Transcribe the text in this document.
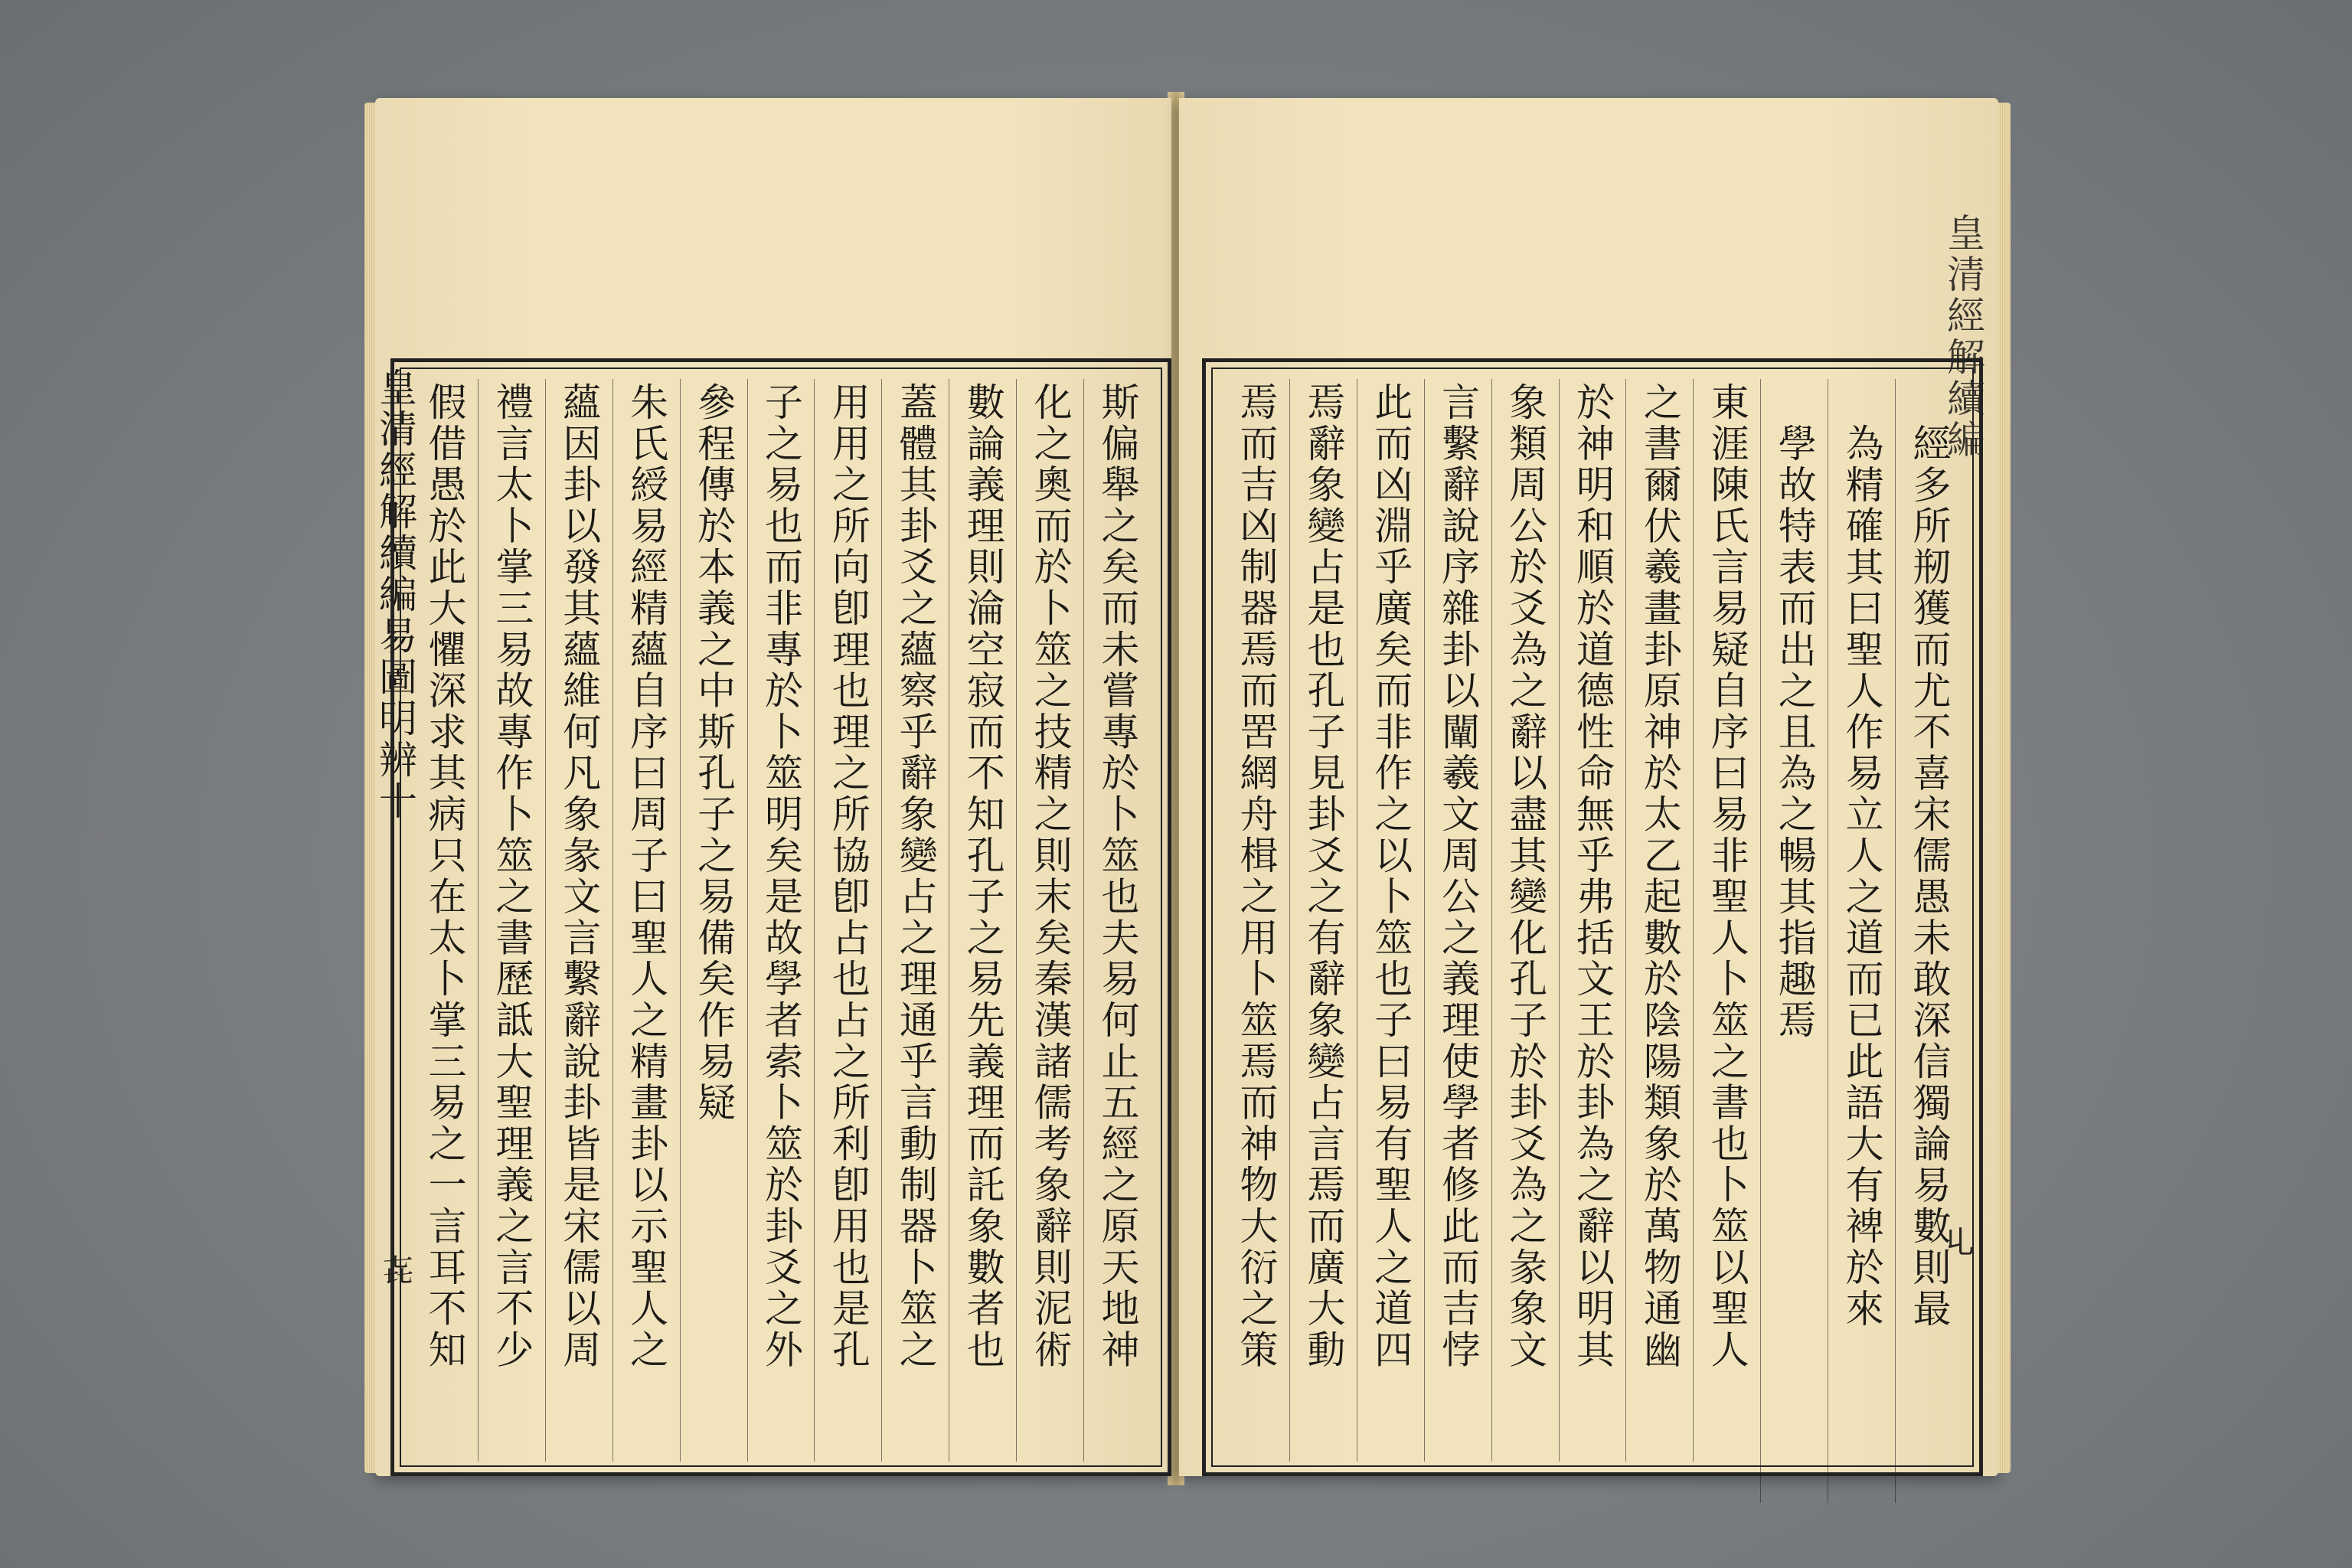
皇清經解續編易圖明辨十
㐂	斯偏舉之矣而未嘗專於卜筮也夫易何止五經之原天地神
化之奧而於卜筮之技精之則末矣秦漢諸儒考象辭則泥術
數論義理則淪空寂而不知孔子之易先義理而託象數者也
蓋體其卦爻之蘊察乎辭象變占之理通乎言動制器卜筮之
用用之所向卽理也理之所協卽占也占之所利卽用也是孔
子之易也而非專於卜筮明矣是故學者索卜筮於卦爻之外
參程傳於本義之中斯孔子之易備矣作易疑
朱氏綬易經精蘊自序曰周子曰聖人之精畫卦以示聖人之
蘊因卦以發其蘊維何凡象彖文言繫辭說卦皆是宋儒以周
禮言太卜掌三易故專作卜筮之書歷詆大聖理義之言不少
假借愚於此大懼深求其病只在太卜掌三易之一言耳不知
皇清經解續編
𠃏
經多所剏獲而尤不喜宋儒愚未敢深信獨論易數則最
為精確其曰聖人作易立人之道而已此語大有裨於來
學故特表而出之且為之暢其指趣焉
東涯陳氏言易疑自序曰易非聖人卜筮之書也卜筮以聖人
之書爾伏羲畫卦原神於太乙起數於陰陽類象於萬物通幽
於神明和順於道德性命無乎弗括文王於卦為之辭以明其
象類周公於爻為之辭以盡其變化孔子於卦爻為之彖象文
言繫辭說序雜卦以闡羲文周公之義理使學者修此而吉悖
此而凶淵乎廣矣而非作之以卜筮也子曰易有聖人之道四
焉辭象變占是也孔子見卦爻之有辭象變占言焉而廣大動
焉而吉凶制器焉而罟網舟楫之用卜筮焉而神物大衍之策
